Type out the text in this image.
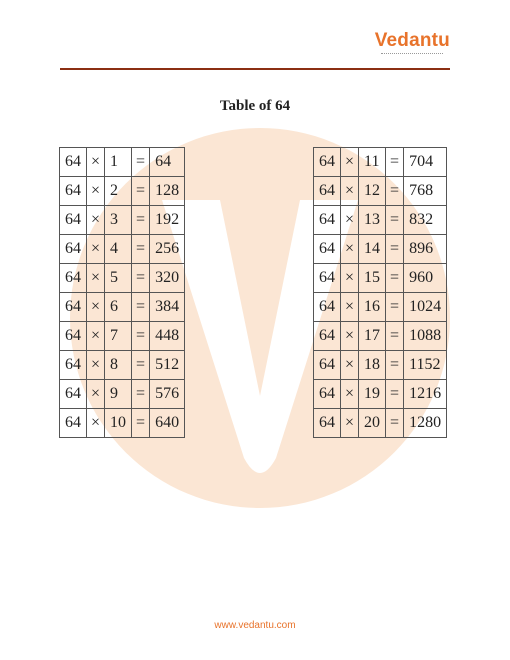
Vedantu
Table of 64
64	×	1	=	64
64	×	2	=	128
64	×	3	=	192
64	×	4	=	256
64	×	5	=	320
64	×	6	=	384
64	×	7	=	448
64	×	8	=	512
64	×	9	=	576
64	×	10	=	640
64	×	11	=	704
64	×	12	=	768
64	×	13	=	832
64	×	14	=	896
64	×	15	=	960
64	×	16	=	1024
64	×	17	=	1088
64	×	18	=	1152
64	×	19	=	1216
64	×	20	=	1280
www.vedantu.com
